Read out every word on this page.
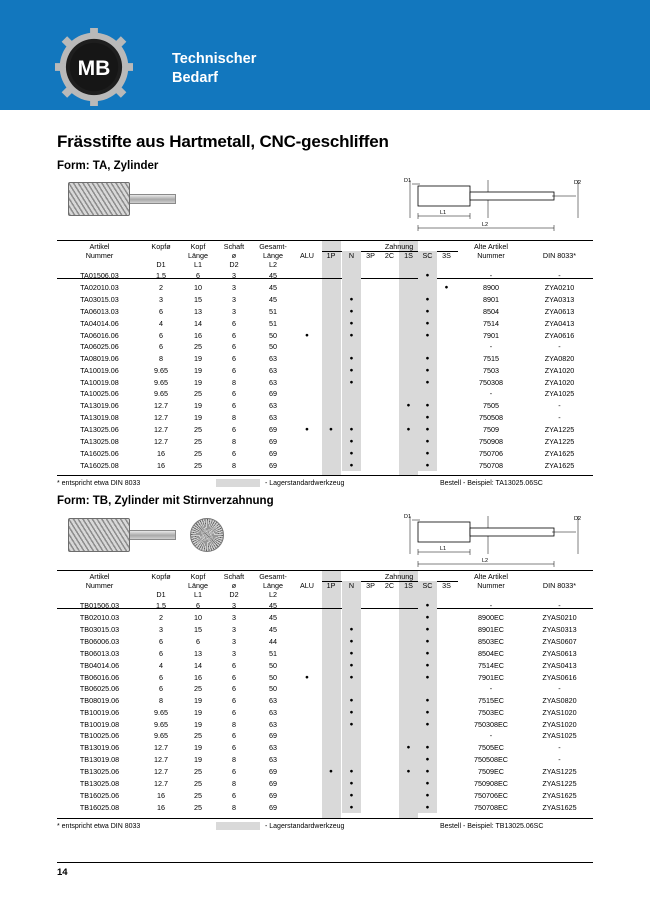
MB	Technischer
Bedarf
Frässtifte aus Hartmetall, CNC-geschliffen
Form: TA, Zylinder
D1	D2
L1
L2
Artikel	Kopfø	Kopf	Schaft	Gesamt-			Zahnung						Alte Artikel	
Nummer		Länge	ø	Länge	ALU	1P	N	3P	2C	1S	SC	3S	Nummer	DIN 8033*
	D1	L1	D2	L2										
TA01506.03	1.5	6	3	45							●		-	-
TA02010.03	2	10	3	45								●	8900	ZYA0210
TA03015.03	3	15	3	45			●				●		8901	ZYA0313
TA06013.03	6	13	3	51			●				●		8504	ZYA0613
TA04014.06	4	14	6	51			●				●		7514	ZYA0413
TA06016.06	6	16	6	50	●		●				●		7901	ZYA0616
TA06025.06	6	25	6	50									-	-
TA08019.06	8	19	6	63			●				●		7515	ZYA0820
TA10019.06	9.65	19	6	63			●				●		7503	ZYA1020
TA10019.08	9.65	19	8	63			●				●		750308	ZYA1020
TA10025.06	9.65	25	6	69									-	ZYA1025
TA13019.06	12.7	19	6	63						●	●		7505	-
TA13019.08	12.7	19	8	63							●		750508	-
TA13025.06	12.7	25	6	69	●	●	●			●	●		7509	ZYA1225
TA13025.08	12.7	25	8	69			●				●		750908	ZYA1225
TA16025.06	16	25	6	69			●				●		750706	ZYA1625
TA16025.08	16	25	8	69			●				●		750708	ZYA1625
* entspricht etwa DIN 8033	- Lagerstandardwerkzeug	Bestell - Beispiel: TA13025.06SC
D1	D2
L1
L2
Artikel	Kopfø	Kopf	Schaft	Gesamt-			Zahnung						Alte Artikel	
Nummer		Länge	ø	Länge	ALU	1P	N	3P	2C	1S	SC	3S	Nummer	DIN 8033*
	D1	L1	D2	L2										
TB01506.03	1.5	6	3	45							●		-	-
TB02010.03	2	10	3	45							●		8900EC	ZYAS0210
TB03015.03	3	15	3	45			●				●		8901EC	ZYAS0313
TB06006.03	6	6	3	44			●				●		8503EC	ZYAS0607
TB06013.03	6	13	3	51			●				●		8504EC	ZYAS0613
TB04014.06	4	14	6	50			●				●		7514EC	ZYAS0413
TB06016.06	6	16	6	50	●		●				●		7901EC	ZYAS0616
TB06025.06	6	25	6	50									-	-
TB08019.06	8	19	6	63			●				●		7515EC	ZYAS0820
TB10019.06	9.65	19	6	63			●				●		7503EC	ZYAS1020
TB10019.08	9.65	19	8	63			●				●		750308EC	ZYAS1020
TB10025.06	9.65	25	6	69									-	ZYAS1025
TB13019.06	12.7	19	6	63						●	●		7505EC	-
TB13019.08	12.7	19	8	63							●		750508EC	-
TB13025.06	12.7	25	6	69		●	●			●	●		7509EC	ZYAS1225
TB13025.08	12.7	25	8	69			●				●		750908EC	ZYAS1225
TB16025.06	16	25	6	69			●				●		750706EC	ZYAS1625
TB16025.08	16	25	8	69			●				●		750708EC	ZYAS1625
Form: TB, Zylinder mit Stirnverzahnung
* entspricht etwa DIN 8033	- Lagerstandardwerkzeug	Bestell - Beispiel: TB13025.06SC
14
